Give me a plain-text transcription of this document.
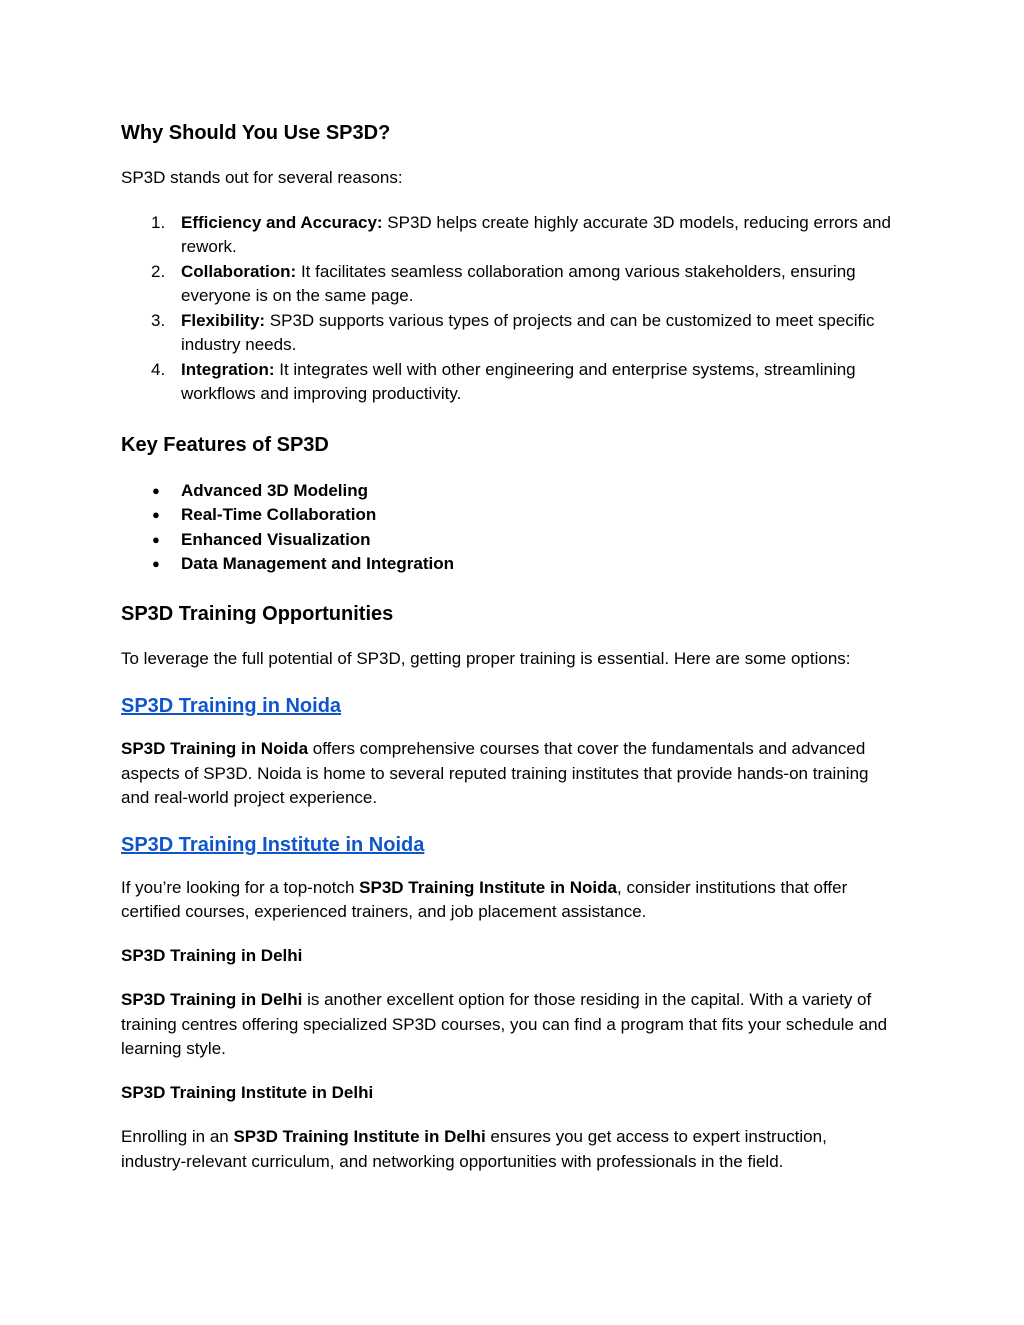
Why Should You Use SP3D?

SP3D stands out for several reasons:

1. Efficiency and Accuracy: SP3D helps create highly accurate 3D models, reducing errors and rework.
2. Collaboration: It facilitates seamless collaboration among various stakeholders, ensuring everyone is on the same page.
3. Flexibility: SP3D supports various types of projects and can be customized to meet specific industry needs.
4. Integration: It integrates well with other engineering and enterprise systems, streamlining workflows and improving productivity.
Key Features of SP3D
● Advanced 3D Modeling
● Real-Time Collaboration
● Enhanced Visualization
● Data Management and Integration
SP3D Training Opportunities

To leverage the full potential of SP3D, getting proper training is essential. Here are some options:

SP3D Training in Noida

SP3D Training in Noida offers comprehensive courses that cover the fundamentals and advanced aspects of SP3D. Noida is home to several reputed training institutes that provide hands-on training and real-world project experience.

SP3D Training Institute in Noida

If you’re looking for a top-notch SP3D Training Institute in Noida, consider institutions that offer certified courses, experienced trainers, and job placement assistance.

SP3D Training in Delhi

SP3D Training in Delhi is another excellent option for those residing in the capital. With a variety of training centres offering specialized SP3D courses, you can find a program that fits your schedule and learning style.

SP3D Training Institute in Delhi

Enrolling in an SP3D Training Institute in Delhi ensures you get access to expert instruction, industry-relevant curriculum, and networking opportunities with professionals in the field.
